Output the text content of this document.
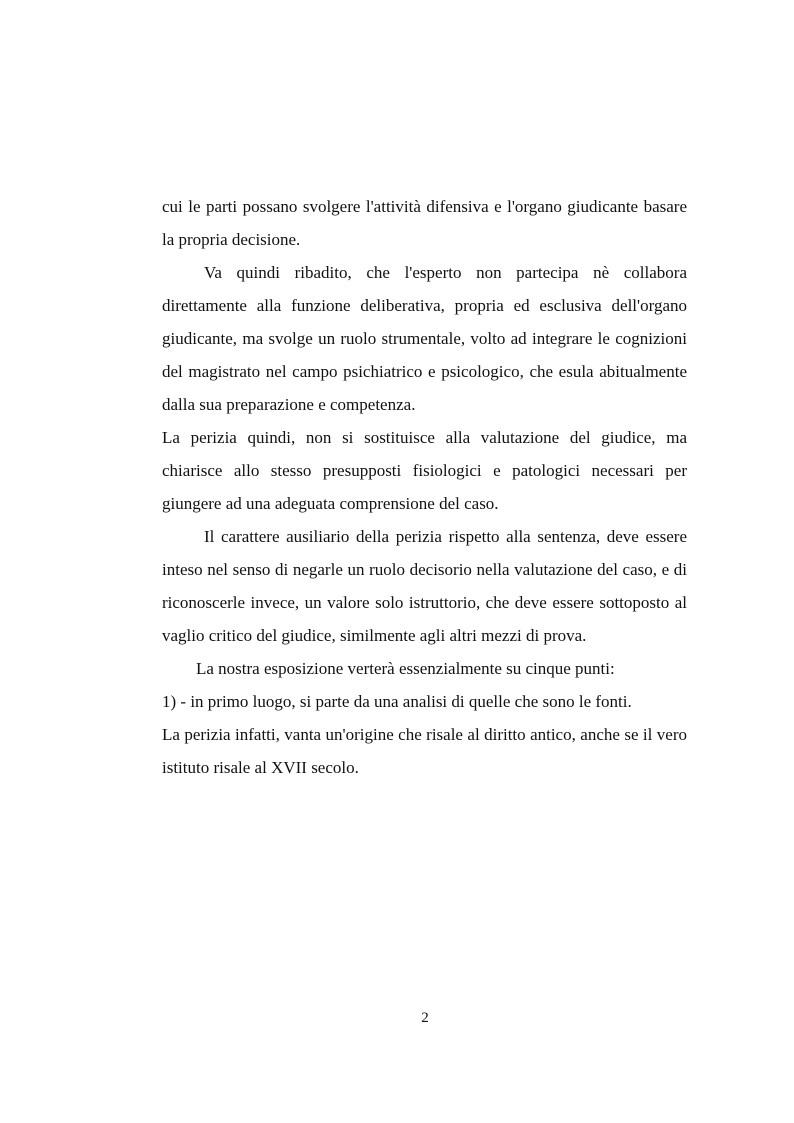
cui le parti possano svolgere l'attività difensiva e l'organo giudicante basare la propria decisione.

Va quindi ribadito, che l'esperto non partecipa nè collabora direttamente alla funzione deliberativa, propria ed esclusiva dell'organo giudicante, ma svolge un ruolo strumentale, volto ad integrare le cognizioni del magistrato nel campo psichiatrico e psicologico, che esula abitualmente dalla sua preparazione e competenza.

La perizia quindi, non si sostituisce alla valutazione del giudice, ma chiarisce allo stesso presupposti fisiologici e patologici necessari per giungere ad una adeguata comprensione del caso.

Il carattere ausiliario della perizia rispetto alla sentenza, deve essere inteso nel senso di negarle un ruolo decisorio nella valutazione del caso, e di riconoscerle invece, un valore solo istruttorio, che deve essere sottoposto al vaglio critico del giudice, similmente agli altri mezzi di prova.

La nostra esposizione verterà essenzialmente su cinque punti:

1) - in primo luogo, si parte da una analisi di quelle che sono le fonti.

La perizia infatti, vanta un'origine che risale al diritto antico, anche se il vero istituto risale al XVII secolo.

2
